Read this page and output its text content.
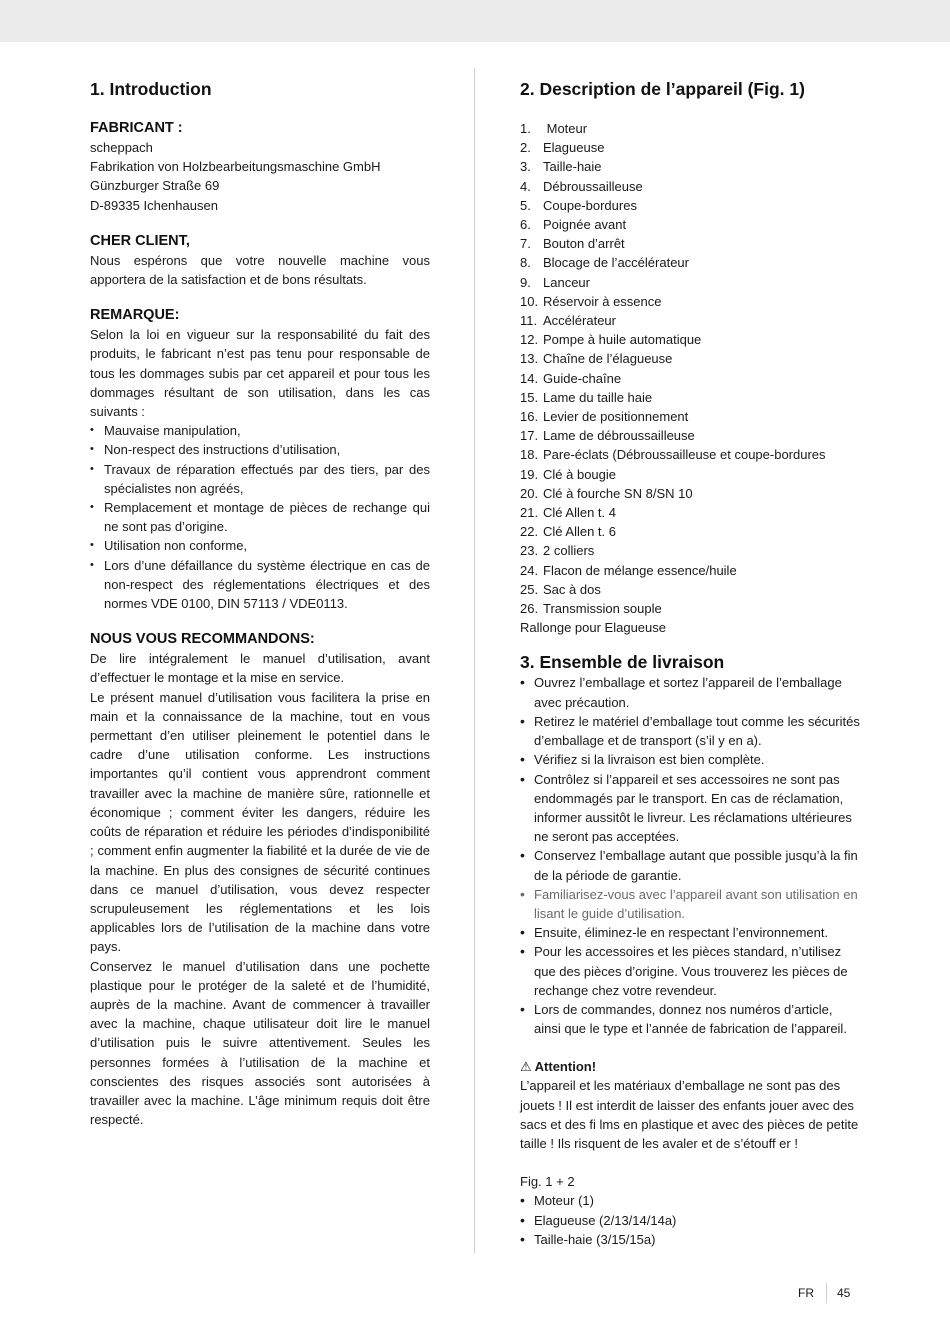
1. Introduction
FABRICANT :

scheppach

Fabrikation von Holzbearbeitungsmaschine GmbH

Günzburger Straße 69

D-89335 Ichenhausen

CHER CLIENT,

Nous espérons que votre nouvelle machine vous apportera de la satisfaction et de bons résultats.

REMARQUE:

Selon la loi en vigueur sur la responsabilité du fait des produits, le fabricant n’est pas tenu pour responsable de tous les dommages subis par cet appareil et pour tous les dommages résultant de son utilisation, dans les cas suivants :

• Mauvaise manipulation,
• Non-respect des instructions d’utilisation,
• Travaux de réparation effectués par des tiers, par des spécialistes non agréés,
• Remplacement et montage de pièces de rechange qui ne sont pas d’origine.
• Utilisation non conforme,
• Lors d’une défaillance du système électrique en cas de non-respect des réglementations électriques et des normes VDE 0100, DIN 57113 / VDE0113.
NOUS VOUS RECOMMANDONS:

De lire intégralement le manuel d’utilisation, avant d’effectuer le montage et la mise en service.

Le présent manuel d’utilisation vous facilitera la prise en main et la connaissance de la machine, tout en vous permettant d’en utiliser pleinement le potentiel dans le cadre d’une utilisation conforme. Les instructions importantes qu’il contient vous apprendront comment travailler avec la machine de manière sûre, rationnelle et économique ; comment éviter les dangers, réduire les coûts de réparation et réduire les périodes d’indisponibilité ; comment enfin augmenter la fiabilité et la durée de vie de la machine. En plus des consignes de sécurité continues dans ce manuel d’utilisation, vous devez respecter scrupuleusement les réglementations et les lois applicables lors de l’utilisation de la machine dans votre pays.

Conservez le manuel d’utilisation dans une pochette plastique pour le protéger de la saleté et de l’humidité, auprès de la machine. Avant de commencer à travailler avec la machine, chaque utilisateur doit lire le manuel d’utilisation puis le suivre attentivement. Seules les personnes formées à l’utilisation de la machine et conscientes des risques associés sont autorisées à travailler avec la machine. L’âge minimum requis doit être respecté.

2. Description de l’appareil (Fig. 1)
1. Moteur
2. Elagueuse
3. Taille-haie
4. Débroussailleuse
5. Coupe-bordures
6. Poignée avant
7. Bouton d’arrêt
8. Blocage de l’accélérateur
9. Lanceur
10. Réservoir à essence
11. Accélérateur
12. Pompe à huile automatique
13. Chaîne de l’élagueuse
14. Guide-chaîne
15. Lame du taille haie
16. Levier de positionnement
17. Lame de débroussailleuse
18. Pare-éclats (Débroussailleuse et coupe-bordures
19. Clé à bougie
20. Clé à fourche SN 8/SN 10
21. Clé Allen t. 4
22. Clé Allen t. 6
23. 2 colliers
24. Flacon de mélange essence/huile
25. Sac à dos
26. Transmission souple

Rallonge pour Elagueuse

3. Ensemble de livraison
• Ouvrez l’emballage et sortez l’appareil de l’emballage avec précaution.
• Retirez le matériel d’emballage tout comme les sécurités d’emballage et de transport (s’il y en a).
• Vérifiez si la livraison est bien complète.
• Contrôlez si l’appareil et ses accessoires ne sont pas endommagés par le transport. En cas de réclamation, informer aussitôt le livreur. Les réclamations ultérieures ne seront pas acceptées.
• Conservez l’emballage autant que possible jusqu’à la fin de la période de garantie.
• Familiarisez-vous avec l’appareil avant son utilisation en lisant le guide d’utilisation.
• Ensuite, éliminez-le en respectant l’environnement.
• Pour les accessoires et les pièces standard, n’utilisez que des pièces d’origine. Vous trouverez les pièces de rechange chez votre revendeur.
• Lors de commandes, donnez nos numéros d’article, ainsi que le type et l’année de fabrication de l’appareil.

⚠ Attention!

L’appareil et les matériaux d’emballage ne sont pas des jouets ! Il est interdit de laisser des enfants jouer avec des sacs et des fi lms en plastique et avec des pièces de petite taille ! Ils risquent de les avaler et de s’étouff er !

Fig. 1 + 2

• Moteur (1)
• Elagueuse (2/13/14/14a)
• Taille-haie (3/15/15a)
FR 45
